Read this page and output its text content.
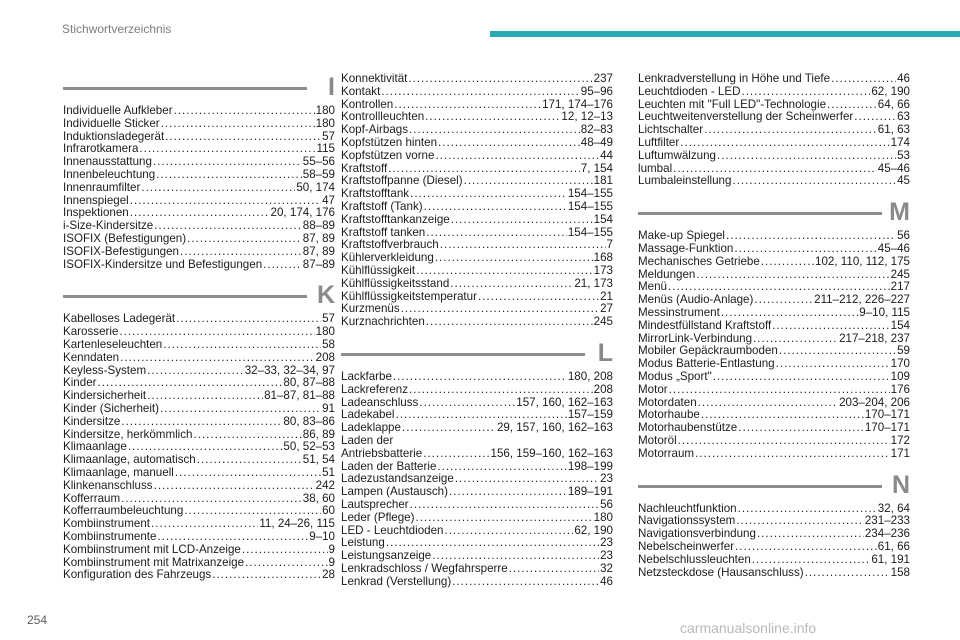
Stichwortverzeichnis
I
Individuelle Aufkleber .....	180
Individuelle Sticker .....	180
Induktionsladegerät .....	57
Infrarotkamera .....	115
Innenausstattung .....	55–56
Innenbeleuchtung .....	58–59
Innenraumfilter .....	50, 174
Innenspiegel .....	47
Inspektionen .....	20, 174, 176
i-Size-Kindersitze .....	88–89
ISOFIX (Befestigungen) .....	87, 89
ISOFIX-Befestigungen .....	87, 89
ISOFIX-Kindersitze und Befestigungen .....	87–89
K
Kabelloses Ladegerät .....	57
Karosserie .....	180
Kartenleseleuchten .....	58
Kenndaten .....	208
Keyless-System .....	32–33, 32–34, 97
Kinder .....	80, 87–88
Kindersicherheit .....	81–87, 81–88
Kinder (Sicherheit) .....	91
Kindersitze .....	80, 83–86
Kindersitze, herkömmlich .....	86, 89
Klimaanlage .....	50, 52–53
Klimaanlage, automatisch .....	51, 54
Klimaanlage, manuell .....	51
Klinkenanschluss .....	242
Kofferraum .....	38, 60
Kofferraumbeleuchtung .....	60
Kombiinstrument .....	11, 24–26, 115
Kombiinstrumente .....	9–10
Kombiinstrument mit LCD-Anzeige .....	9
Kombiinstrument mit Matrixanzeige .....	9
Konfiguration des Fahrzeugs .....	28
Konnektivität .....	237
Kontakt .....	95–96
Kontrollen .....	171, 174–176
Kontrollleuchten .....	12, 12–13
Kopf-Airbags .....	82–83
Kopfstützen hinten .....	48–49
Kopfstützen vorne .....	44
Kraftstoff .....	7, 154
Kraftstoffpanne (Diesel) .....	181
Kraftstofftank .....	154–155
Kraftstoff (Tank) .....	154–155
Kraftstofftankanzeige .....	154
Kraftstoff tanken .....	154–155
Kraftstoffverbrauch .....	7
Kühlerverkleidung .....	168
Kühlflüssigkeit .....	173
Kühlflüssigkeitsstand .....	21, 173
Kühlflüssigkeitstemperatur .....	21
Kurzmenüs .....	27
Kurznachrichten .....	245
L
Lackfarbe .....	180, 208
Lackreferenz .....	208
Ladeanschluss .....	157, 160, 162–163
Ladekabel .....	157–159
Ladeklappe .....	29, 157, 160, 162–163
Laden der
Antriebsbatterie .....	156, 159–160, 162–163
Laden der Batterie .....	198–199
Ladezustandsanzeige .....	23
Lampen (Austausch) .....	189–191
Lautsprecher .....	56
Leder (Pflege) .....	180
LED - Leuchtdioden .....	62, 190
Leistung .....	23
Leistungsanzeige .....	23
Lenkradschloss / Wegfahrsperre .....	32
Lenkrad (Verstellung) .....	46
Lenkradverstellung in Höhe und Tiefe .....	46
Leuchtdioden - LED .....	62, 190
Leuchten mit "Full LED"-Technologie .....	64, 66
Leuchtweitenverstellung der Scheinwerfer .....	63
Lichtschalter .....	61, 63
Luftfilter .....	174
Luftumwälzung .....	53
lumbal .....	45–46
Lumbaleinstellung .....	45
M
Make-up Spiegel .....	56
Massage-Funktion .....	45–46
Mechanisches Getriebe .....	102, 110, 112, 175
Meldungen .....	245
Menü .....	217
Menüs (Audio-Anlage) .....	211–212, 226–227
Messinstrument .....	9–10, 115
Mindestfüllstand Kraftstoff .....	154
MirrorLink-Verbindung .....	217–218, 237
Mobiler Gepäckraumboden .....	59
Modus Batterie-Entlastung .....	170
Modus „Sport" .....	109
Motor .....	176
Motordaten .....	203–204, 206
Motorhaube .....	170–171
Motorhaubenstütze .....	170–171
Motoröl .....	172
Motorraum .....	171
N
Nachleuchtfunktion .....	32, 64
Navigationssystem .....	231–233
Navigationsverbindung .....	234–236
Nebelscheinwerfer .....	61, 66
Nebelschlussleuchten .....	61, 191
Netzsteckdose (Hausanschluss) .....	158
254	carmanualsonline.info
